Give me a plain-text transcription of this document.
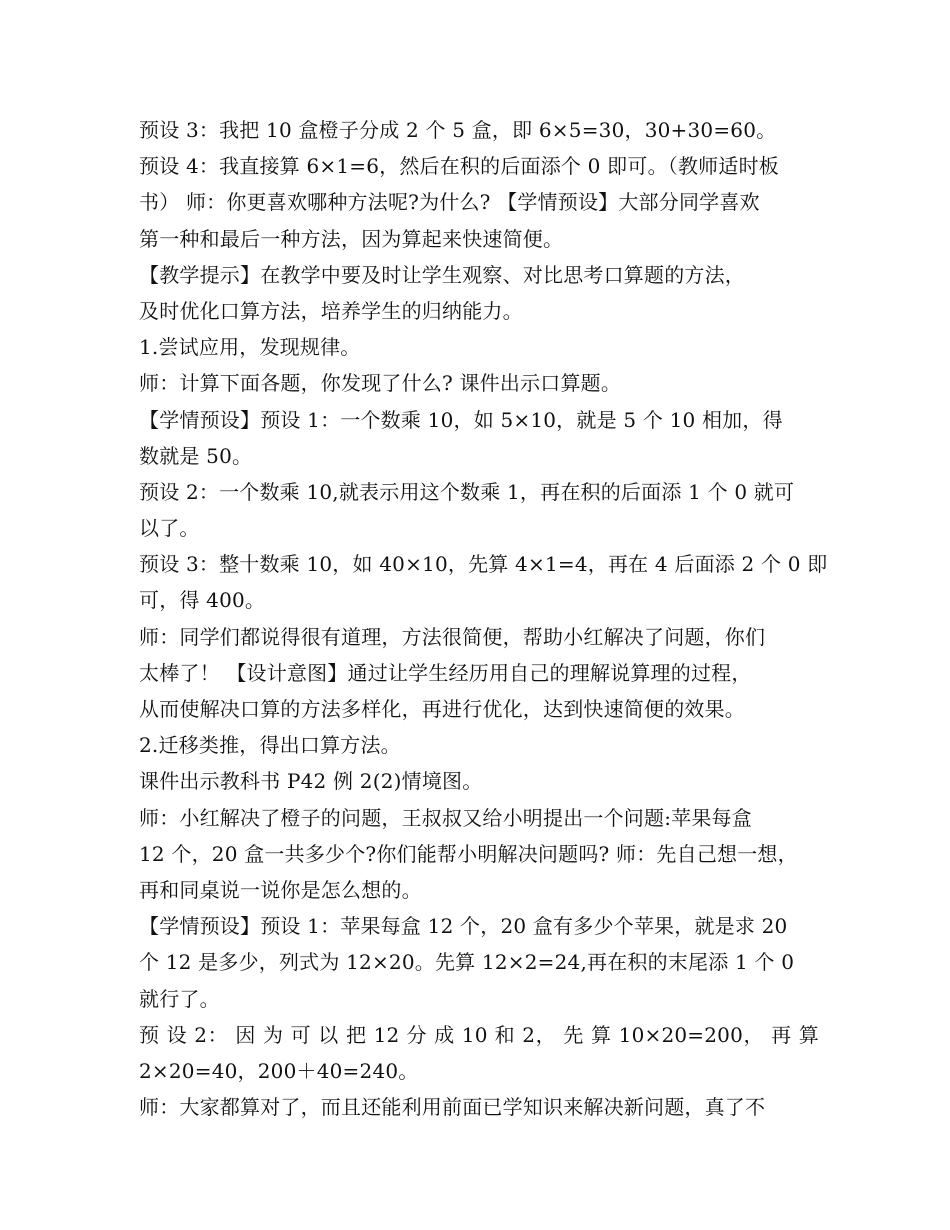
预设 3：我把 10 盒橙子分成 2 个 5 盒，即 6×5=30，30+30=60。
预设 4：我直接算 6×1=6，然后在积的后面添个 0 即可。（教师适时板
书） 师：你更喜欢哪种方法呢?为什么? 【学情预设】大部分同学喜欢
第一种和最后一种方法，因为算起来快速简便。
【教学提示】在教学中要及时让学生观察、对比思考口算题的方法，
及时优化口算方法，培养学生的归纳能力。
1.尝试应用，发现规律。
师：计算下面各题，你发现了什么? 课件出示口算题。
【学情预设】预设 1：一个数乘 10，如 5×10，就是 5 个 10 相加，得
数就是 50。
预设 2：一个数乘 10,就表示用这个数乘 1，再在积的后面添 1 个 0 就可
以了。
预设 3：整十数乘 10，如 40×10，先算 4×1=4，再在 4 后面添 2 个 0 即
可，得 400。
师：同学们都说得很有道理，方法很简便，帮助小红解决了问题，你们
太棒了！ 【设计意图】通过让学生经历用自己的理解说算理的过程，
从而使解决口算的方法多样化，再进行优化，达到快速简便的效果。
2.迁移类推，得出口算方法。
课件出示教科书 P42 例 2(2)情境图。
师：小红解决了橙子的问题，王叔叔又给小明提出一个问题:苹果每盒
12 个，20 盒一共多少个?你们能帮小明解决问题吗? 师：先自己想一想，
再和同桌说一说你是怎么想的。
【学情预设】预设 1：苹果每盒 12 个，20 盒有多少个苹果，就是求 20
个 12 是多少，列式为 12×20。先算 12×2=24,再在积的末尾添 1 个 0
就行了。
预 设 2： 因 为 可 以 把 12 分 成 10 和 2， 先 算 10×20=200， 再 算
2×20=40，200＋40=240。
师：大家都算对了，而且还能利用前面已学知识来解决新问题，真了不
